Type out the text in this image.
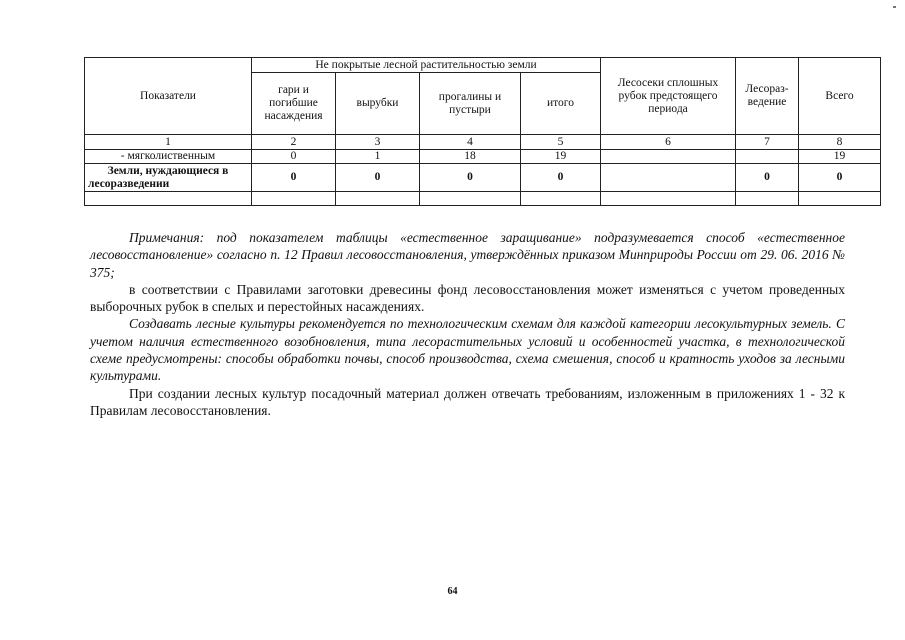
Показатели	Не покрытые лесной растительностью земли				Лесосеки сплошных рубок предстоящего периода	Лесораз-ведение	Всего
	гари и погибшие насаждения	вырубки	прогалины и пустыри	итого			
1	2	3	4	5	6	7	8
- мягколиственным	0	1	18	19			19
Земли, нуждающиеся в лесоразведении	0	0	0	0		0	0

Примечания: под показателем таблицы «естественное заращивание» подразумевается способ «естественное лесовосстановление» согласно п. 12 Правил лесовосстановления, утверждённых приказом Минприроды России от 29. 06. 2016 № 375;

в соответствии с Правилами заготовки древесины фонд лесовосстановления может изменяться с учетом проведенных выборочных рубок в спелых и перестойных насаждениях.

Создавать лесные культуры рекомендуется по технологическим схемам для каждой категории лесокультурных земель. С учетом наличия естественного возобновления, типа лесорастительных условий и особенностей участка, в технологической схеме предусмотрены: способы обработки почвы, способ производства, схема смешения, способ и кратность уходов за лесными культурами.

При создании лесных культур посадочный материал должен отвечать требованиям, изложенным в приложениях 1 - 32 к Правилам лесовосстановления.

64
